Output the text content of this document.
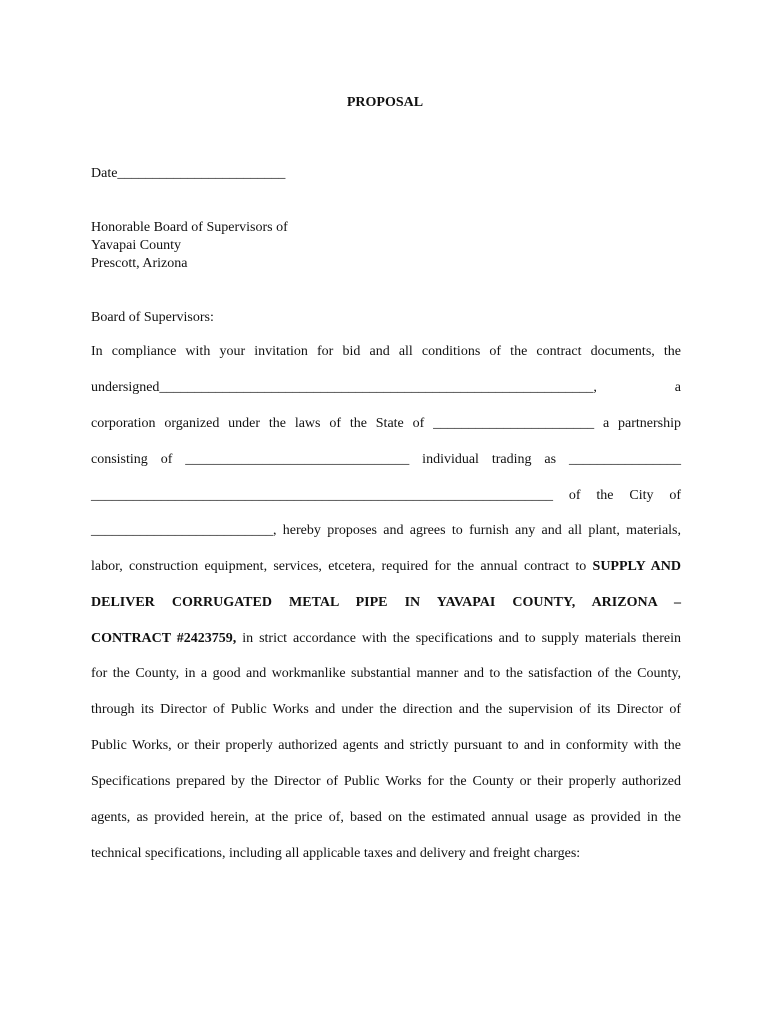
PROPOSAL
Date________________________
Honorable Board of Supervisors of
Yavapai County
Prescott, Arizona
Board of Supervisors:
In compliance with your invitation for bid and all conditions of the contract documents, the
undersigned______________________________________________________________, a
corporation organized under the laws of the State of _______________________ a partnership
consisting of ________________________________ individual trading as ________________
__________________________________________________________________ of the City of
__________________________, hereby proposes and agrees to furnish any and all plant, materials,
labor, construction equipment, services, etcetera, required for the annual contract to SUPPLY AND
DELIVER CORRUGATED METAL PIPE IN YAVAPAI COUNTY, ARIZONA –
CONTRACT #2423759, in strict accordance with the specifications and to supply materials therein
for the County, in a good and workmanlike substantial manner and to the satisfaction of the County,
through its Director of Public Works and under the direction and the supervision of its Director of
Public Works, or their properly authorized agents and strictly pursuant to and in conformity with the
Specifications prepared by the Director of Public Works for the County or their properly authorized
agents, as provided herein, at the price of, based on the estimated annual usage as provided in the
technical specifications, including all applicable taxes and delivery and freight charges:
